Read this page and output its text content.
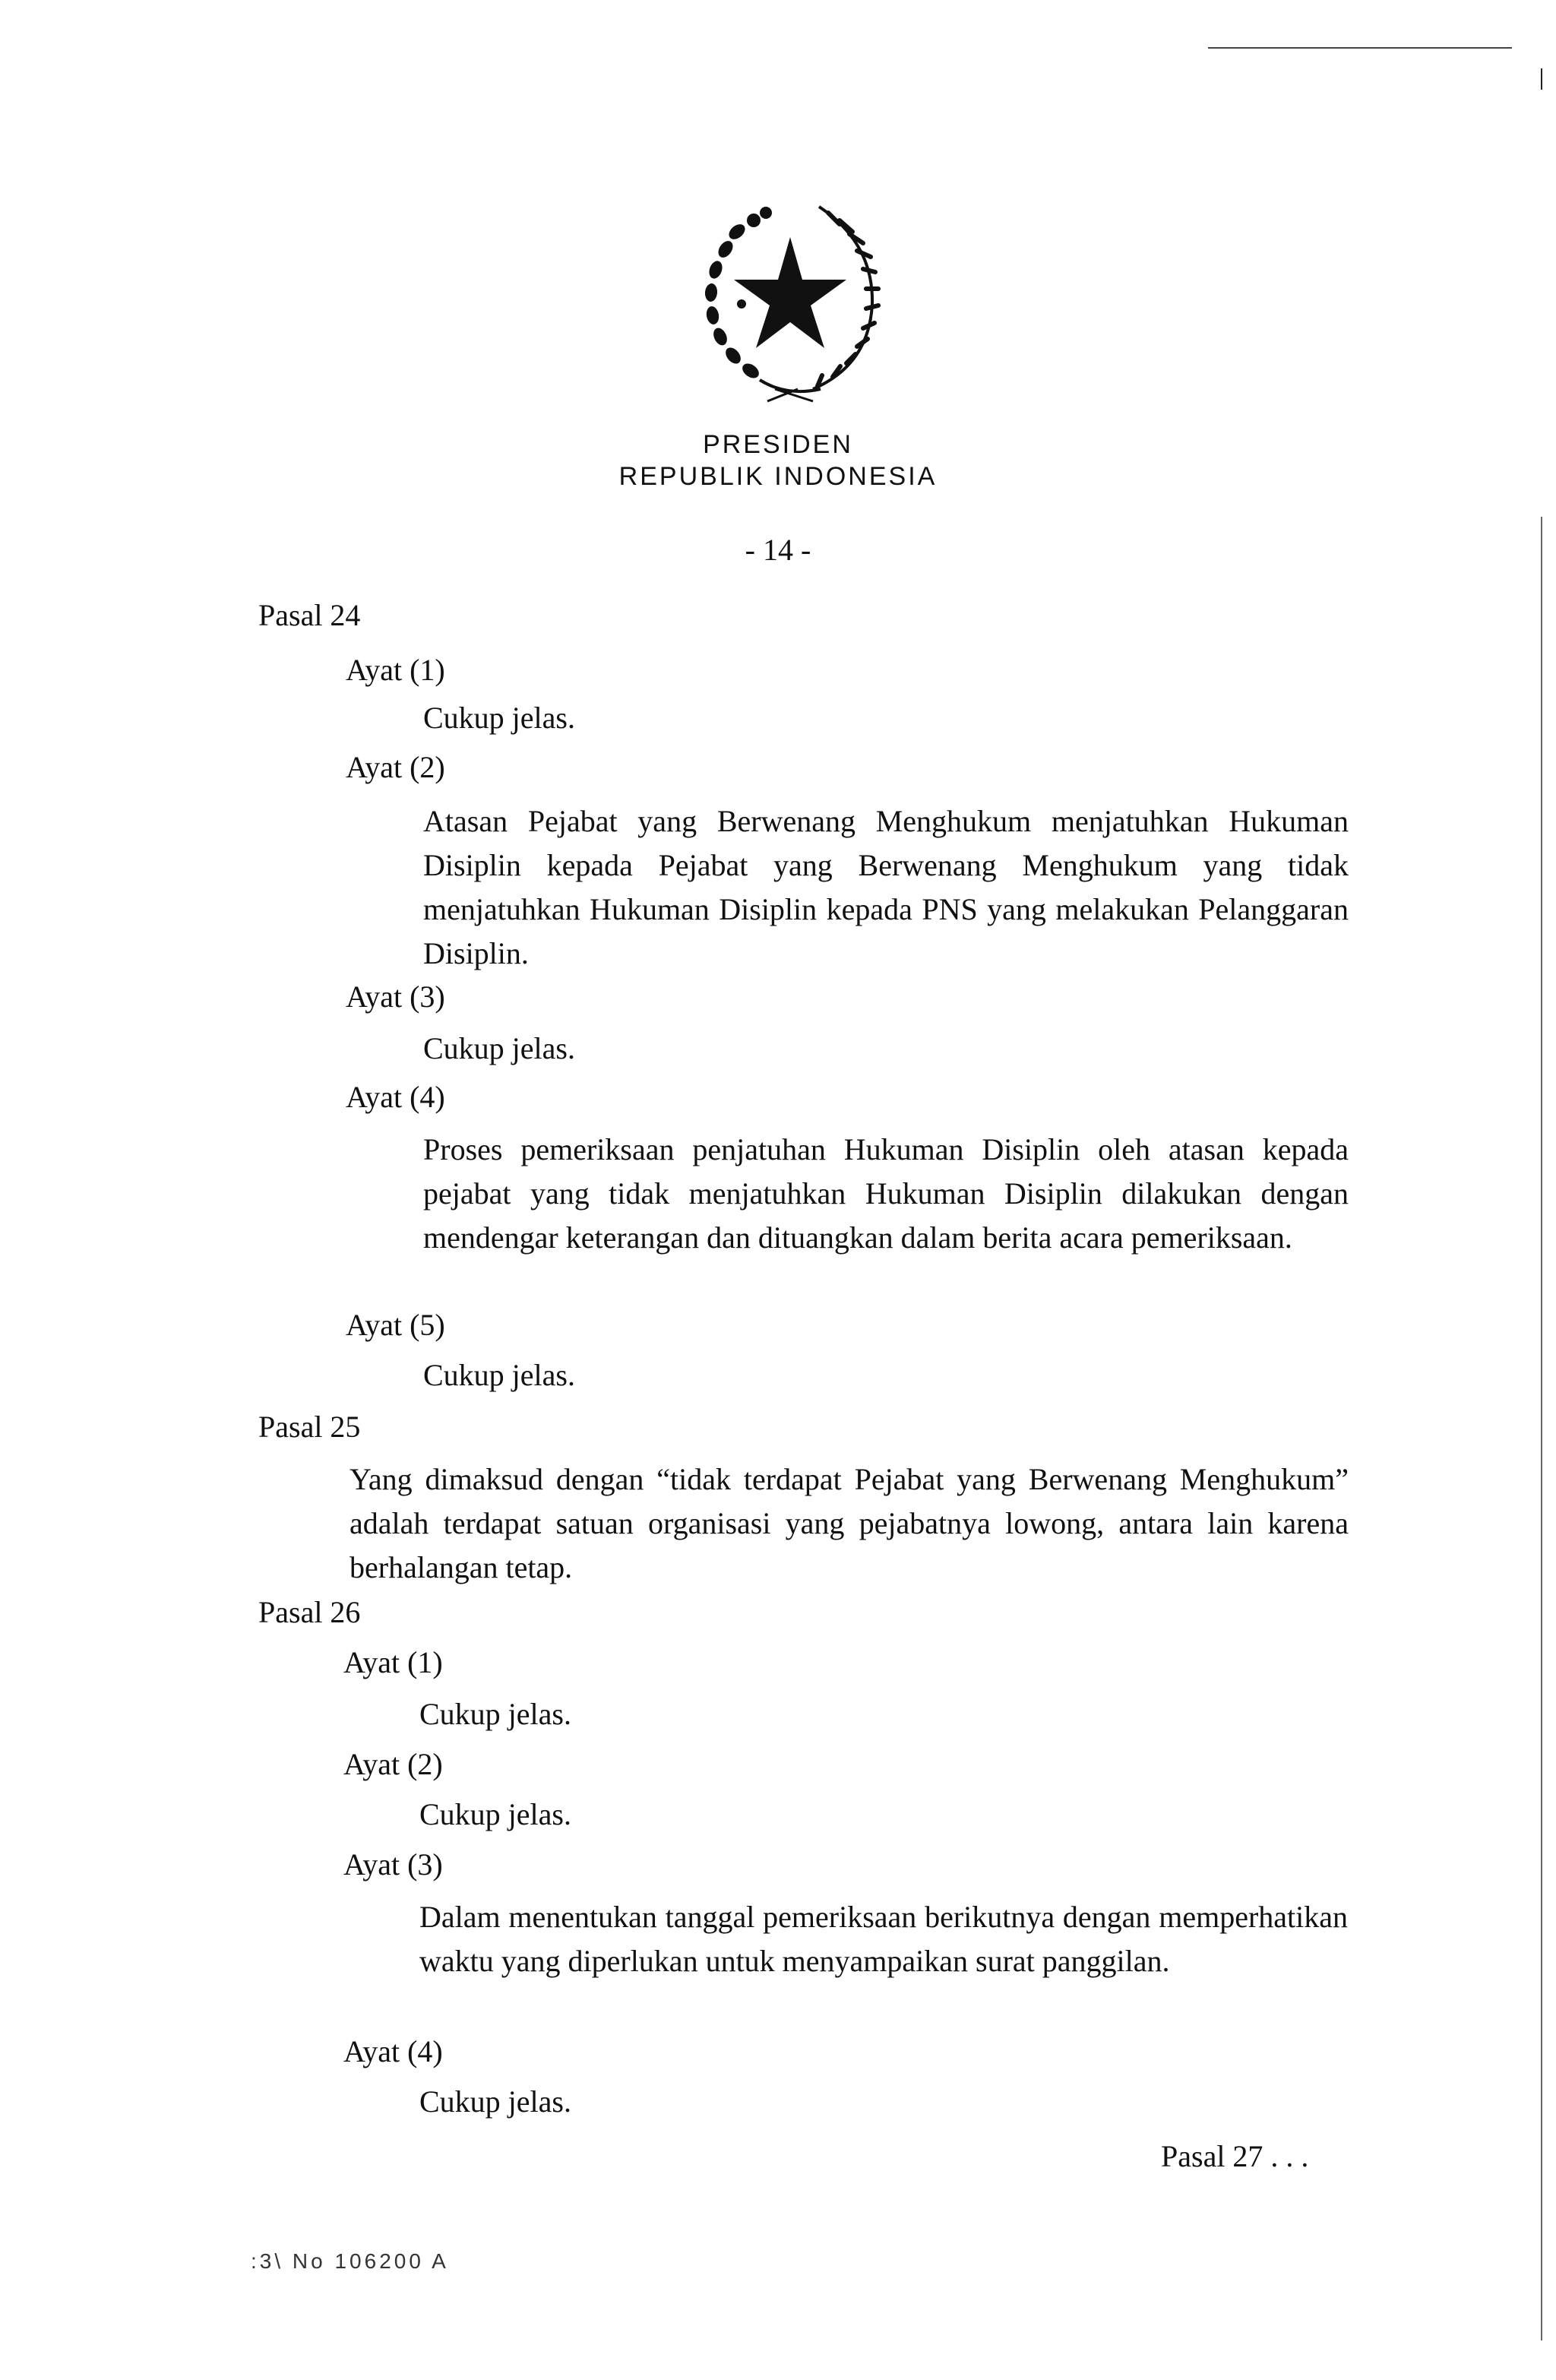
PRESIDEN
REPUBLIK INDONESIA
- 14 -
Pasal 24
Ayat (1)
Cukup jelas.
Ayat (2)
Atasan Pejabat yang Berwenang Menghukum menjatuhkan Hukuman Disiplin kepada Pejabat yang Berwenang Menghukum yang tidak menjatuhkan Hukuman Disiplin kepada PNS yang melakukan Pelanggaran Disiplin.
Ayat (3)
Cukup jelas.
Ayat (4)
Proses pemeriksaan penjatuhan Hukuman Disiplin oleh atasan kepada pejabat yang tidak menjatuhkan Hukuman Disiplin dilakukan dengan mendengar keterangan dan dituangkan dalam berita acara pemeriksaan.
Ayat (5)
Cukup jelas.
Pasal 25
Yang dimaksud dengan “tidak terdapat Pejabat yang Berwenang Menghukum” adalah terdapat satuan organisasi yang pejabatnya lowong, antara lain karena berhalangan tetap.
Pasal 26
Ayat (1)
Cukup jelas.
Ayat (2)
Cukup jelas.
Ayat (3)
Dalam menentukan tanggal pemeriksaan berikutnya dengan memperhatikan waktu yang diperlukan untuk menyampaikan surat panggilan.
Ayat (4)
Cukup jelas.
Pasal 27 . . .
:3\ No 106200 A
